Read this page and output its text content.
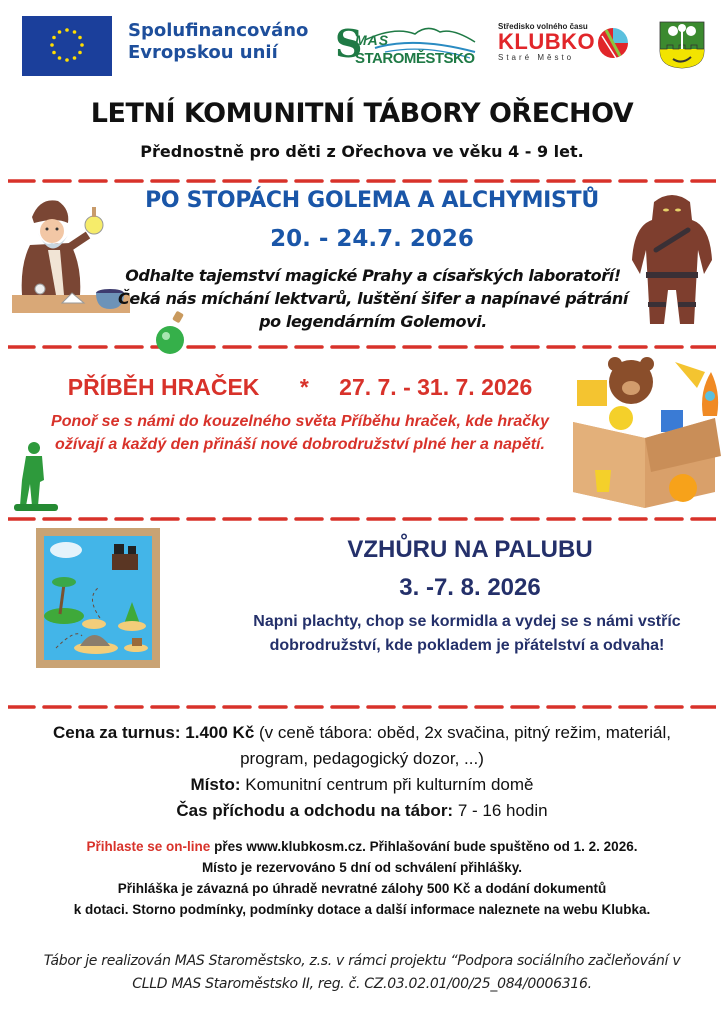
Spolufinancováno
Evropskou unií	S
MAS
STAROMĚSTSKO
Středisko volného času
KLUBKO
Staré Město
LETNÍ KOMUNITNÍ TÁBORY OŘECHOV
Přednostně pro děti z Ořechova ve věku 4 - 9 let.
PO STOPÁCH GOLEMA A ALCHYMISTŮ
20. - 24.7. 2026
Odhalte tajemství magické Prahy a císařských laboratoří! Čeká nás míchání lektvarů, luštění šifer a napínavé pátrání po legendárním Golemovi.
PŘÍBĚH HRAČEK * 27. 7. - 31. 7. 2026
Ponoř se s námi do kouzelného světa Příběhu hraček, kde hračky ožívají a každý den přináší nové dobrodružství plné her a napětí.
VZHŮRU NA PALUBU
3. -7. 8. 2026
Napni plachty, chop se kormidla a vydej se s námi vstříc dobrodružství, kde pokladem je přátelství a odvaha!
Cena za turnus: 1.400 Kč (v ceně tábora: oběd, 2x svačina, pitný režim, materiál, program, pedagogický dozor, ...)
Místo: Komunitní centrum při kulturním domě
Čas příchodu a odchodu na tábor: 7 - 16 hodin
Přihlaste se on-line přes www.klubkosm.cz. Přihlašování bude spuštěno od 1. 2. 2026.
Místo je rezervováno 5 dní od schválení přihlášky.
Přihláška je závazná po úhradě nevratné zálohy 500 Kč a dodání dokumentů
k dotaci. Storno podmínky, podmínky dotace a další informace naleznete na webu Klubka.
Tábor je realizován MAS Staroměstsko, z.s. v rámci projektu “Podpora sociálního začleňování v
CLLD MAS Staroměstsko II, reg. č. CZ.03.02.01/00/25_084/0006316.
